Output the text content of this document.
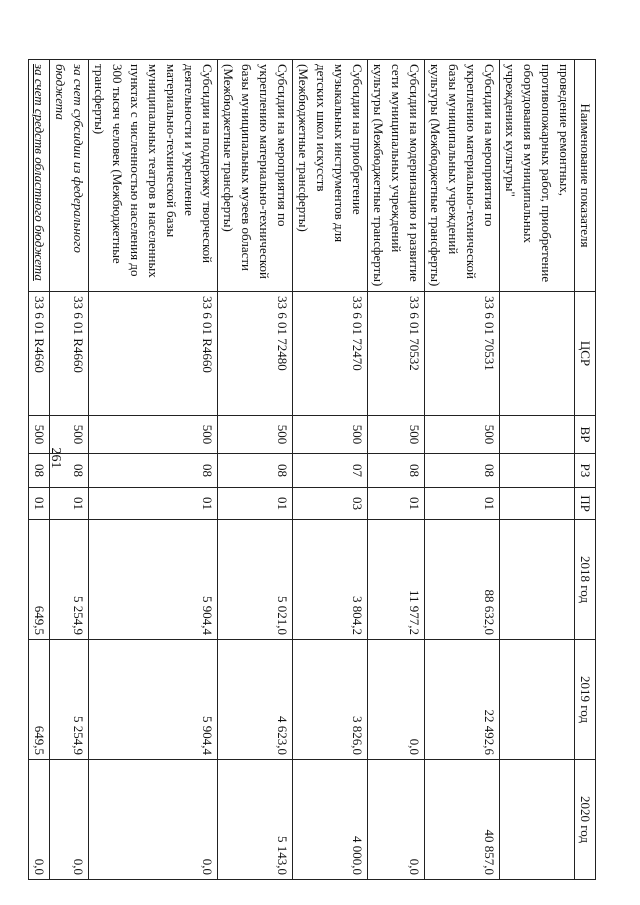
261
Наименование показателя	ЦСР	ВР	РЗ	ПР	2018 год	2019 год	2020 год
проведение ремонтных, противопожарных работ, приобретение оборудования в муниципальных учреждениях культуры"							
Субсидии на мероприятия по укреплению материально-технической базы муниципальных учреждений культуры (Межбюджетные трансферты)	33 6 01 70531	500	08	01	88 632,0	22 492,6	40 857,0
Субсидии на модернизацию и развитие сети муниципальных учреждений культуры (Межбюджетные трансферты)	33 6 01 70532	500	08	01	11 977,2	0,0	0,0
Субсидии на приобретение музыкальных инструментов для детских школ искусств (Межбюджетные трансферты)	33 6 01 72470	500	07	03	3 804,2	3 826,0	4 000,0
Субсидии на мероприятия по укреплению материально-технической базы муниципальных музеев области (Межбюджетные трансферты)	33 6 01 72480	500	08	01	5 021,0	4 623,0	5 143,0
Субсидии на поддержку творческой деятельности и укрепление материально-технической базы муниципальных театров в населенных пунктах с численностью населения до 300 тысяч человек (Межбюджетные трансферты)	33 6 01 R4660	500	08	01	5 904,4	5 904,4	0,0
за счет субсидии из федерального бюджета	33 6 01 R4660	500	08	01	5 254,9	5 254,9	0,0
за счет средств областного бюджета	33 6 01 R4660	500	08	01	649,5	649,5	0,0
